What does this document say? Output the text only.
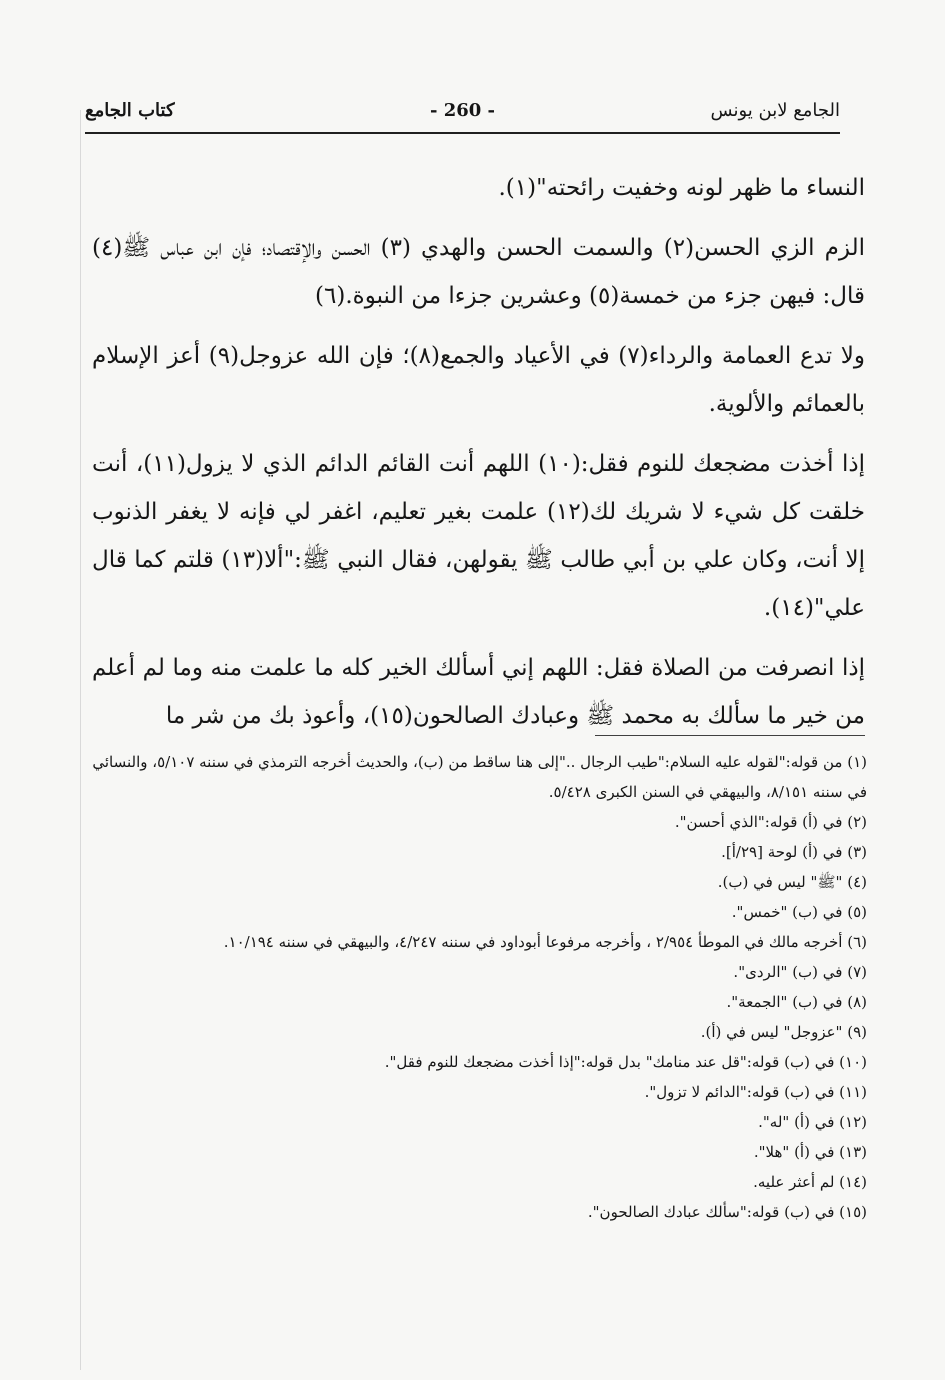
الجامع لابن يونس
- 260 -
كتاب الجامع

النساء ما ظهر لونه وخفيت رائحته"(١).

الزم الزي الحسن(٢) والسمت الحسن والهدي (٣) الحسن والإقتصاد؛ فإن ابن عباس ﷺ(٤) قال: فيهن جزء من خمسة(٥) وعشرين جزءا من النبوة.(٦)

ولا تدع العمامة والرداء(٧) في الأعياد والجمع(٨)؛ فإن الله عزوجل(٩) أعز الإسلام بالعمائم والألوية.

إذا أخذت مضجعك للنوم فقل:(١٠) اللهم أنت القائم الدائم الذي لا يزول(١١)، أنت خلقت كل شيء لا شريك لك(١٢) علمت بغير تعليم، اغفر لي فإنه لا يغفر الذنوب إلا أنت، وكان علي بن أبي طالب ﷺ يقولهن، فقال النبي ﷺ:"ألا(١٣) قلتم كما قال علي"(١٤).

إذا انصرفت من الصلاة فقل: اللهم إني أسألك الخير كله ما علمت منه وما لم أعلم من خير ما سألك به محمد ﷺ وعبادك الصالحون(١٥)، وأعوذ بك من شر ما

(١) من قوله:"لقوله عليه السلام:"طيب الرجال .."إلى هنا ساقط من (ب)، والحديث أخرجه الترمذي في سننه ٥/١٠٧، والنسائي في سننه ٨/١٥١، والبيهقي في السنن الكبرى ٥/٤٢٨.

(٢) في (أ) قوله:"الذي أحسن".

(٣) في (أ) لوحة [٢٩/أ].

(٤) "ﷺ" ليس في (ب).

(٥) في (ب) "خمس".

(٦) أخرجه مالك في الموطأ ٢/٩٥٤ ، وأخرجه مرفوعا أبوداود في سننه ٤/٢٤٧، والبيهقي في سننه ١٠/١٩٤.

(٧) في (ب) "الردى".

(٨) في (ب) "الجمعة".

(٩) "عزوجل" ليس في (أ).

(١٠) في (ب) قوله:"قل عند منامك" بدل قوله:"إذا أخذت مضجعك للنوم فقل".

(١١) في (ب) قوله:"الدائم لا تزول".

(١٢) في (أ) "له".

(١٣) في (أ) "هلا".

(١٤) لم أعثر عليه.

(١٥) في (ب) قوله:"سألك عبادك الصالحون".
